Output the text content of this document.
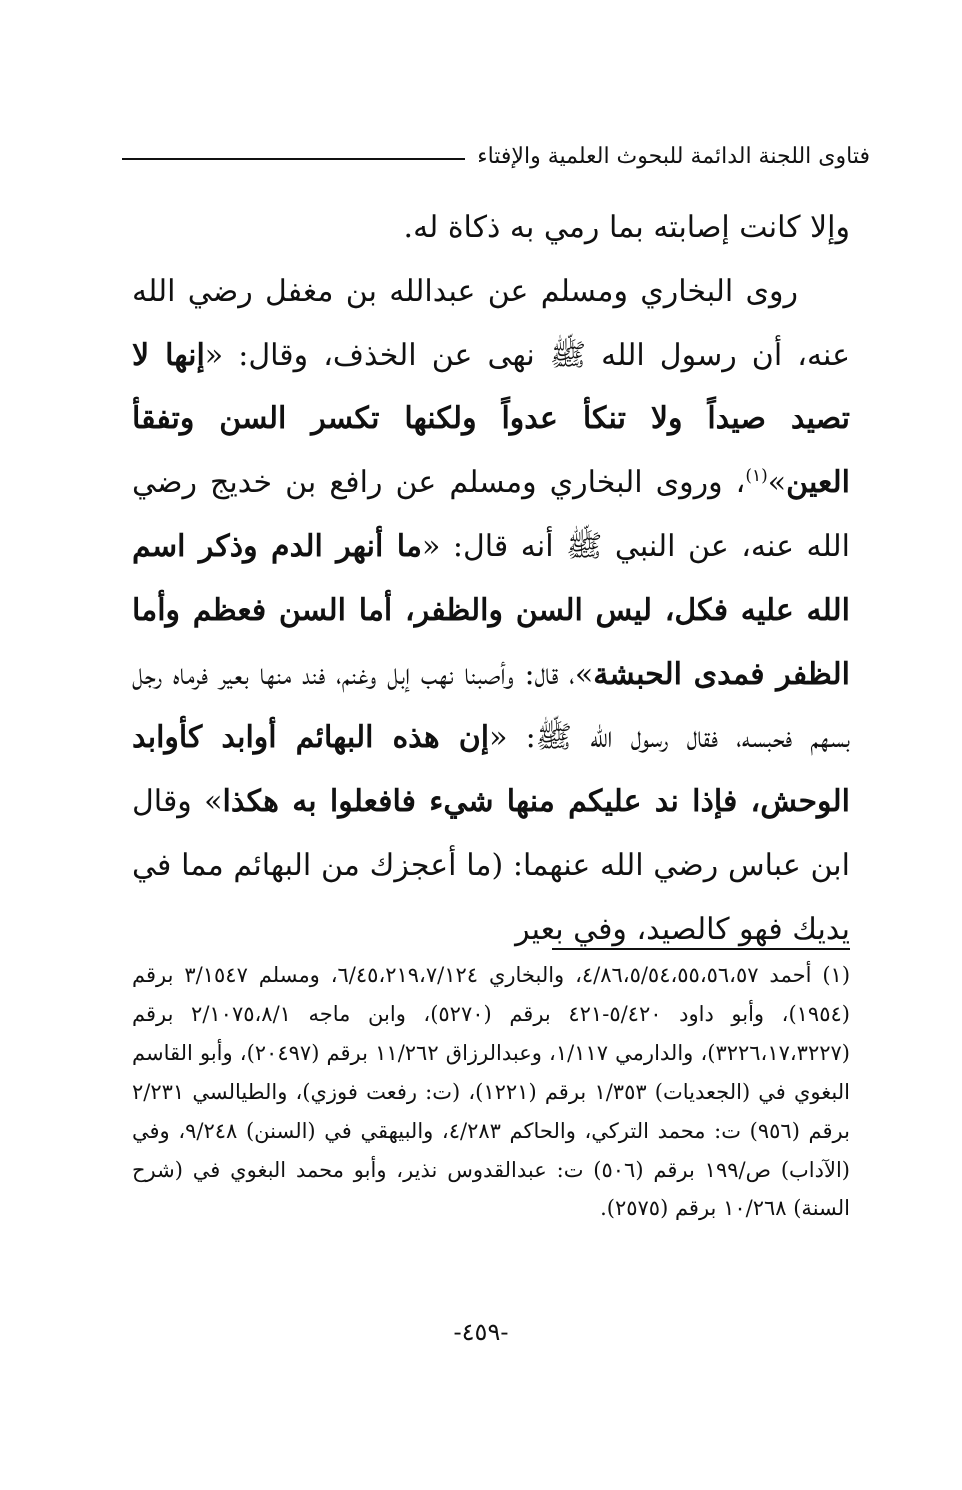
فتاوى اللجنة الدائمة للبحوث العلمية والإفتاء

وإلا كانت إصابته بما رمي به ذكاة له.

روى البخاري ومسلم عن عبدالله بن مغفل رضي الله عنه، أن رسول الله ﷺ نهى عن الخذف، وقال: «إنها لا تصيد صيداً ولا تنكأ عدواً ولكنها تكسر السن وتفقأ العين»$^{(١)}$، وروى البخاري ومسلم عن رافع بن خديج رضي الله عنه، عن النبي ﷺ أنه قال: «ما أنهر الدم وذكر اسم الله عليه فكل، ليس السن والظفر، أما السن فعظم وأما الظفر فمدى الحبشة»، قال: وأصبنا نهب إبل وغنم، فند منها بعير فرماه رجل بسهم فحبسه، فقال رسول الله ﷺ: «إن هذه البهائم أوابد كأوابد الوحش، فإذا ند عليكم منها شيء فافعلوا به هكذا» وقال ابن عباس رضي الله عنهما: (ما أعجزك من البهائم مما في يديك فهو كالصيد، وفي بعير

(١) أحمد ٤/٨٦،٥/٥٤،٥٥،٥٦،٥٧، والبخاري ٦/٤٥،٢١٩،٧/١٢٤، ومسلم ٣/١٥٤٧ برقم (١٩٥٤)، وأبو داود ٥/٤٢٠-٤٢١ برقم (٥٢٧٠)، وابن ماجه ٢/١٠٧٥،٨/١ برقم (٣٢٢٦،١٧،٣٢٢٧)، والدارمي ١/١١٧، وعبدالرزاق ١١/٢٦٢ برقم (٢٠٤٩٧)، وأبو القاسم البغوي في (الجعديات) ١/٣٥٣ برقم (١٢٢١)، (ت: رفعت فوزي)، والطيالسي ٢/٢٣١ برقم (٩٥٦) ت: محمد التركي، والحاكم ٤/٢٨٣، والبيهقي في (السنن) ٩/٢٤٨، وفي (الآداب) ص/١٩٩ برقم (٥٠٦) ت: عبدالقدوس نذير، وأبو محمد البغوي في (شرح السنة) ١٠/٢٦٨ برقم (٢٥٧٥).

-٤٥٩-
